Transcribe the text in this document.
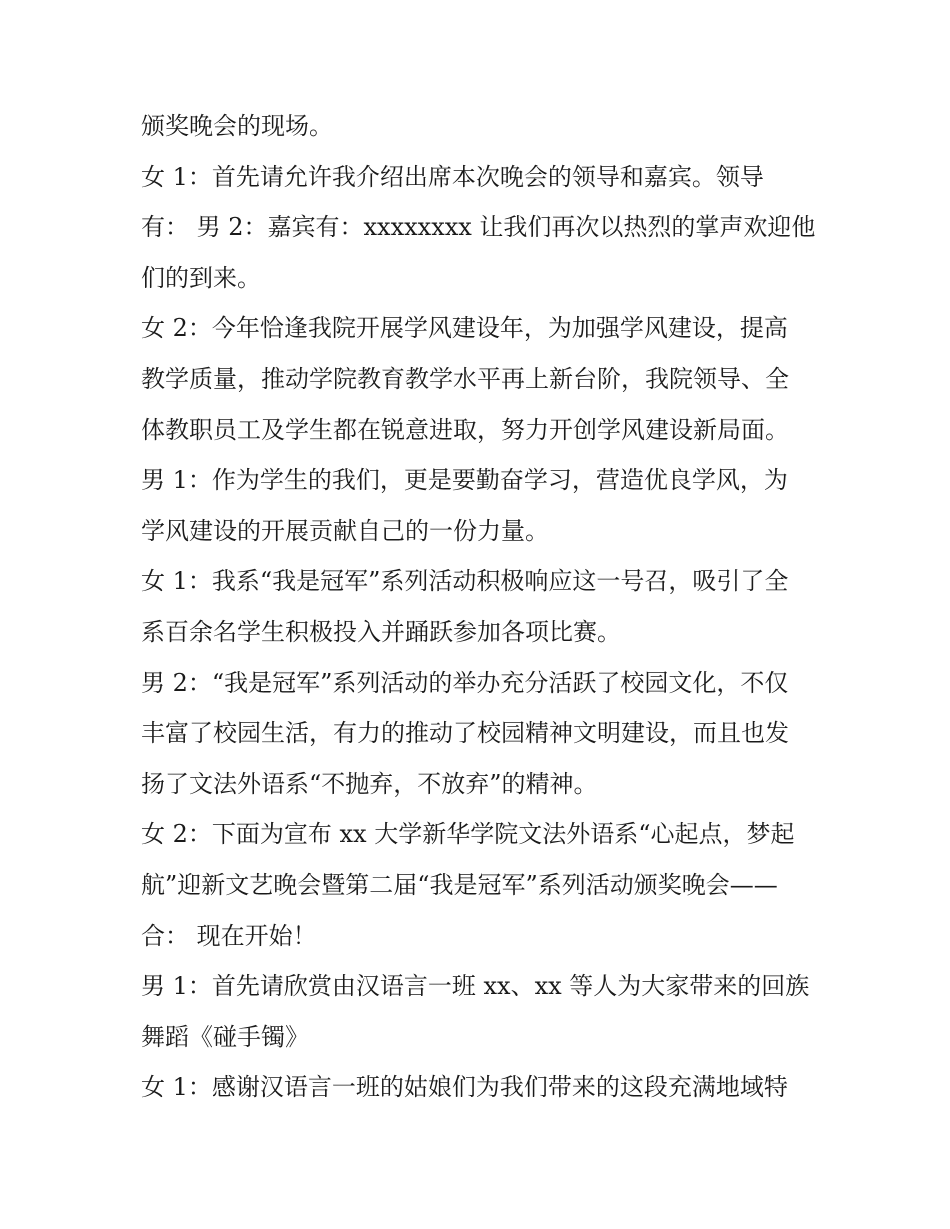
颁奖晚会的现场。
女 1：首先请允许我介绍出席本次晚会的领导和嘉宾。领导
有： 男 2：嘉宾有：xxxxxxxx 让我们再次以热烈的掌声欢迎他
们的到来。
女 2：今年恰逢我院开展学风建设年，为加强学风建设，提高
教学质量，推动学院教育教学水平再上新台阶，我院领导、全
体教职员工及学生都在锐意进取，努力开创学风建设新局面。
男 1：作为学生的我们，更是要勤奋学习，营造优良学风，为
学风建设的开展贡献自己的一份力量。
女 1：我系“我是冠军”系列活动积极响应这一号召，吸引了全
系百余名学生积极投入并踊跃参加各项比赛。
男 2：“我是冠军”系列活动的举办充分活跃了校园文化，不仅
丰富了校园生活，有力的推动了校园精神文明建设，而且也发
扬了文法外语系“不抛弃，不放弃”的精神。
女 2：下面为宣布 xx 大学新华学院文法外语系“心起点，梦起
航”迎新文艺晚会暨第二届“我是冠军”系列活动颁奖晚会——
合： 现在开始！
男 1：首先请欣赏由汉语言一班 xx、xx 等人为大家带来的回族
舞蹈《碰手镯》
女 1：感谢汉语言一班的姑娘们为我们带来的这段充满地域特
